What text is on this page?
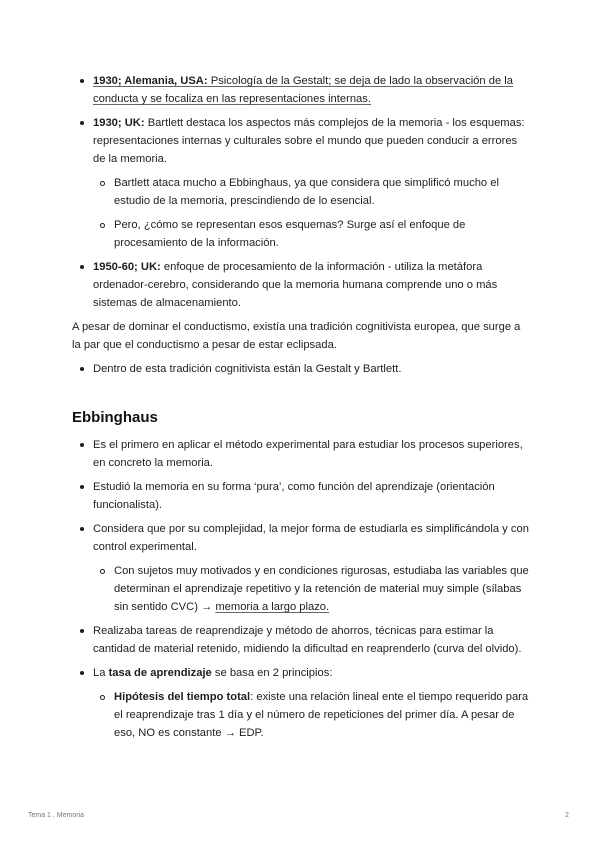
1930; Alemania, USA: Psicología de la Gestalt; se deja de lado la observación de la conducta y se focaliza en las representaciones internas.
1930; UK: Bartlett destaca los aspectos más complejos de la memoria - los esquemas: representaciones internas y culturales sobre el mundo que pueden conducir a errores de la memoria.
Bartlett ataca mucho a Ebbinghaus, ya que considera que simplificó mucho el estudio de la memoria, prescindiendo de lo esencial.
Pero, ¿cómo se representan esos esquemas? Surge así el enfoque de procesamiento de la información.
1950-60; UK: enfoque de procesamiento de la información - utiliza la metáfora ordenador-cerebro, considerando que la memoria humana comprende uno o más sistemas de almacenamiento.

A pesar de dominar el conductismo, existía una tradición cognitivista europea, que surge a la par que el conductismo a pesar de estar eclipsada.

Dentro de esta tradición cognitivista están la Gestalt y Bartlett.
Ebbinghaus
Es el primero en aplicar el método experimental para estudiar los procesos superiores, en concreto la memoria.
Estudió la memoria en su forma ‘pura’, como función del aprendizaje (orientación funcionalista).
Considera que por su complejidad, la mejor forma de estudiarla es simplificándola y con control experimental.
Con sujetos muy motivados y en condiciones rigurosas, estudiaba las variables que determinan el aprendizaje repetitivo y la retención de material muy simple (sílabas sin sentido CVC) → memoria a largo plazo.
Realizaba tareas de reaprendizaje y método de ahorros, técnicas para estimar la cantidad de material retenido, midiendo la dificultad en reaprenderlo (curva del olvido).
La tasa de aprendizaje se basa en 2 principios:
Hipótesis del tiempo total: existe una relación lineal ente el tiempo requerido para el reaprendizaje tras 1 día y el número de repeticiones del primer día. A pesar de eso, NO es constante → EDP.
Tema 1 . Memoria	2
